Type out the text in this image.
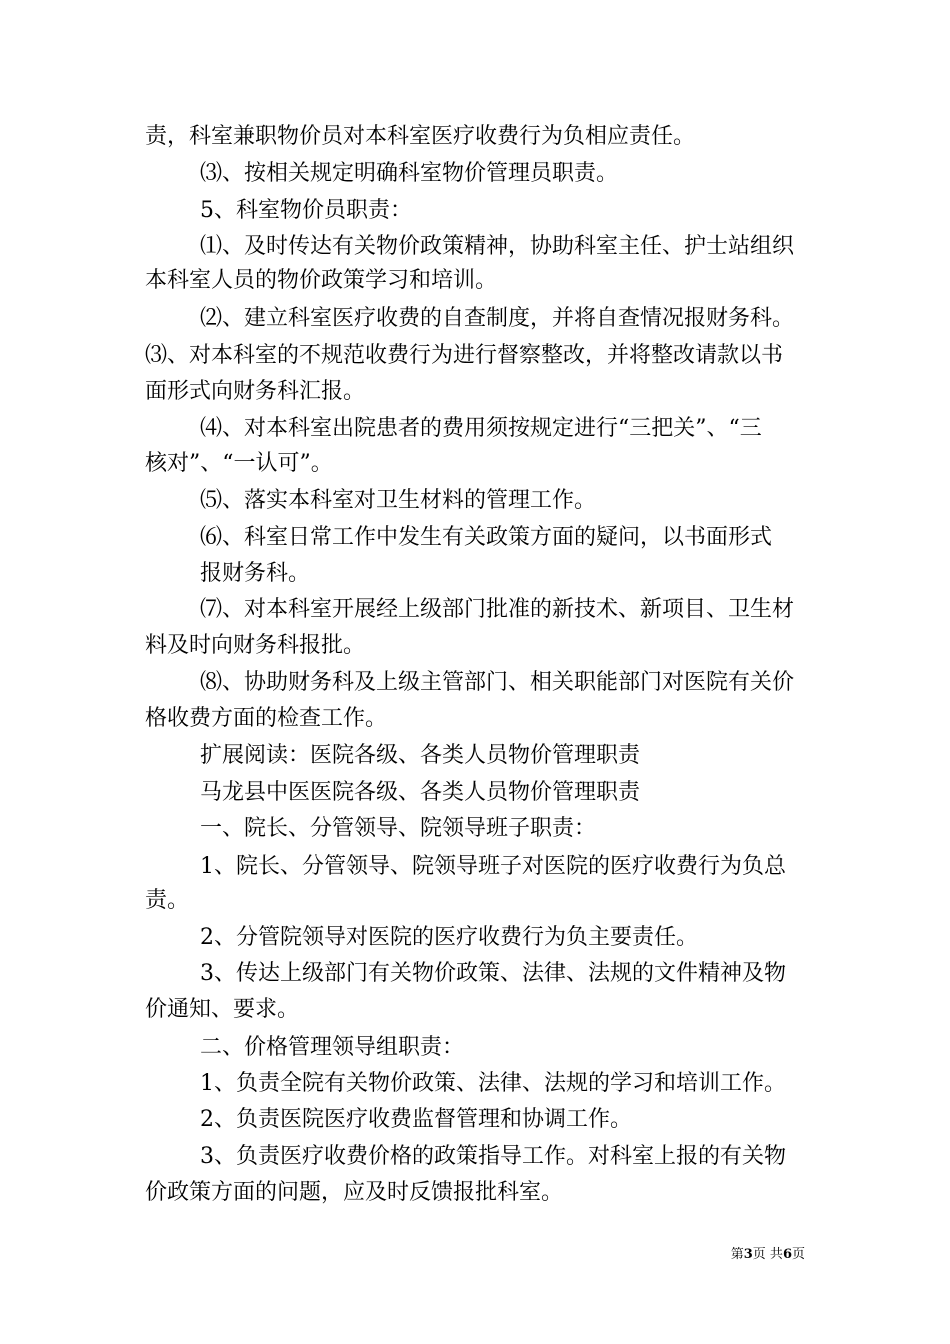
责，科室兼职物价员对本科室医疗收费行为负相应责任。
⑶、按相关规定明确科室物价管理员职责。
5、科室物价员职责：
⑴、及时传达有关物价政策精神，协助科室主任、护士站组织
本科室人员的物价政策学习和培训。
⑵、建立科室医疗收费的自查制度，并将自查情况报财务科。
⑶、对本科室的不规范收费行为进行督察整改，并将整改请款以书
面形式向财务科汇报。
⑷、对本科室出院患者的费用须按规定进行“三把关”、“三
核对”、“一认可”。
⑸、落实本科室对卫生材料的管理工作。
⑹、科室日常工作中发生有关政策方面的疑问，以书面形式
报财务科。
⑺、对本科室开展经上级部门批准的新技术、新项目、卫生材
料及时向财务科报批。
⑻、协助财务科及上级主管部门、相关职能部门对医院有关价
格收费方面的检查工作。
扩展阅读：医院各级、各类人员物价管理职责
马龙县中医医院各级、各类人员物价管理职责
一、院长、分管领导、院领导班子职责：
1、院长、分管领导、院领导班子对医院的医疗收费行为负总
责。
2、分管院领导对医院的医疗收费行为负主要责任。
3、传达上级部门有关物价政策、法律、法规的文件精神及物
价通知、要求。
二、价格管理领导组职责：
1、负责全院有关物价政策、法律、法规的学习和培训工作。
2、负责医院医疗收费监督管理和协调工作。
3、负责医疗收费价格的政策指导工作。对科室上报的有关物
价政策方面的问题，应及时反馈报批科室。
第3页 共6页
